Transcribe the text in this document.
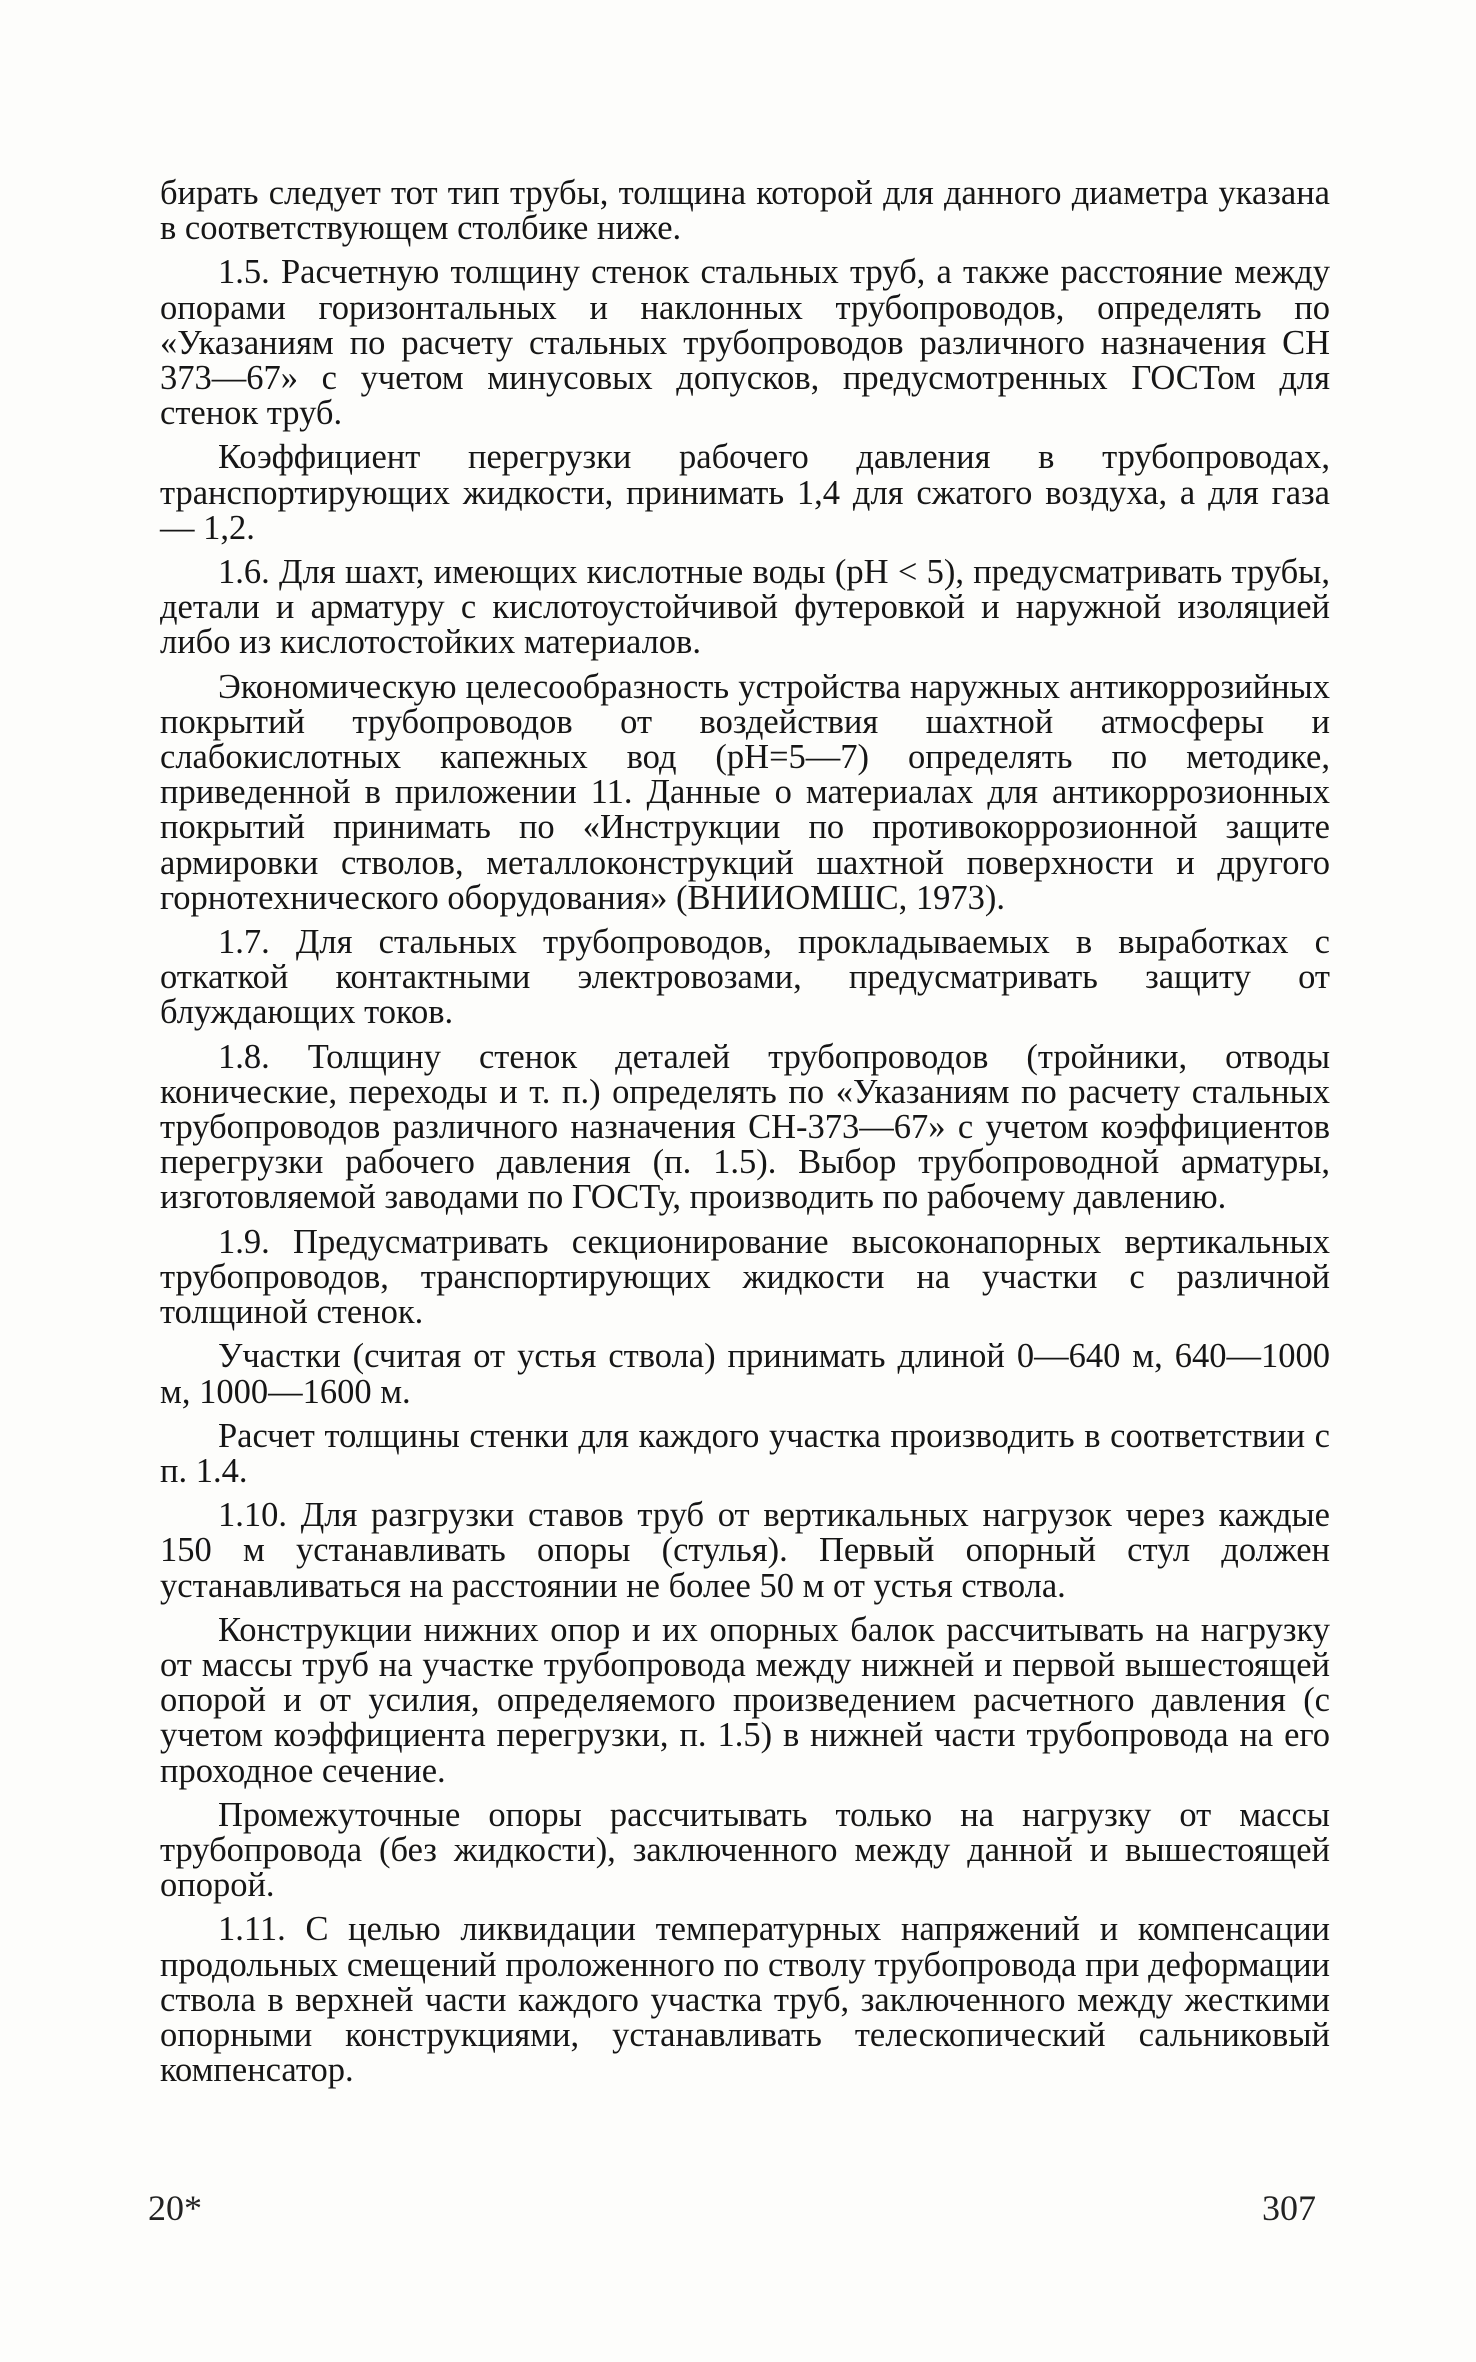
бирать следует тот тип трубы, толщина которой для данного диаметра указана в соответствующем столбике ниже.

1.5. Расчетную толщину стенок стальных труб, а также расстояние между опорами горизонтальных и наклонных трубопроводов, определять по «Указаниям по расчету стальных трубопроводов различного назначения СН 373—67» с учетом минусовых допусков, предусмотренных ГОСТом для стенок труб.

Коэффициент перегрузки рабочего давления в трубопроводах, транспортирующих жидкости, принимать 1,4 для сжатого воздуха, а для газа — 1,2.

1.6. Для шахт, имеющих кислотные воды (pH < 5), предусматривать трубы, детали и арматуру с кислотоустойчивой футеровкой и наружной изоляцией либо из кислотостойких материалов.

Экономическую целесообразность устройства наружных антикоррозийных покрытий трубопроводов от воздействия шахтной атмосферы и слабокислотных капежных вод (pH=5—7) определять по методике, приведенной в приложении 11. Данные о материалах для антикоррозионных покрытий принимать по «Инструкции по противокоррозионной защите армировки стволов, металлоконструкций шахтной поверхности и другого горнотехнического оборудования» (ВНИИОМШС, 1973).

1.7. Для стальных трубопроводов, прокладываемых в выработках с откаткой контактными электровозами, предусматривать защиту от блуждающих токов.

1.8. Толщину стенок деталей трубопроводов (тройники, отводы конические, переходы и т. п.) определять по «Указаниям по расчету стальных трубопроводов различного назначения СН-373—67» с учетом коэффициентов перегрузки рабочего давления (п. 1.5). Выбор трубопроводной арматуры, изготовляемой заводами по ГОСТу, производить по рабочему давлению.

1.9. Предусматривать секционирование высоконапорных вертикальных трубопроводов, транспортирующих жидкости на участки с различной толщиной стенок.

Участки (считая от устья ствола) принимать длиной 0—640 м, 640—1000 м, 1000—1600 м.

Расчет толщины стенки для каждого участка производить в соответствии с п. 1.4.

1.10. Для разгрузки ставов труб от вертикальных нагрузок через каждые 150 м устанавливать опоры (стулья). Первый опорный стул должен устанавливаться на расстоянии не более 50 м от устья ствола.

Конструкции нижних опор и их опорных балок рассчитывать на нагрузку от массы труб на участке трубопровода между нижней и первой вышестоящей опорой и от усилия, определяемого произведением расчетного давления (с учетом коэффициента перегрузки, п. 1.5) в нижней части трубопровода на его проходное сечение.

Промежуточные опоры рассчитывать только на нагрузку от массы трубопровода (без жидкости), заключенного между данной и вышестоящей опорой.

1.11. С целью ликвидации температурных напряжений и компенсации продольных смещений проложенного по стволу трубопровода при деформации ствола в верхней части каждого участка труб, заключенного между жесткими опорными конструкциями, устанавливать телескопический сальниковый компенсатор.

20*	307
